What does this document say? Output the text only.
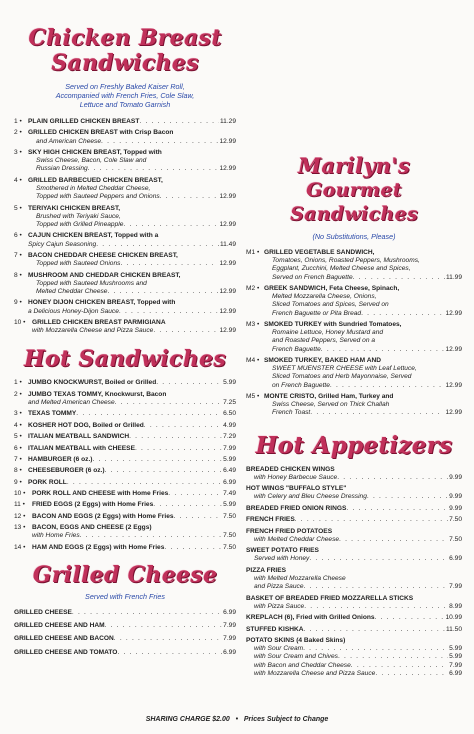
Chicken Breast
Sandwiches
Served on Freshly Baked Kaiser Roll,
Accompanied with French Fries, Cole Slaw,
Lettuce and Tomato Garnish
1 • PLAIN GRILLED CHICKEN BREAST . . .	11.29
2 • GRILLED CHICKEN BREAST with Crisp Bacon
and American Cheese . . .	12.99
3 • SKY HIGH CHICKEN BREAST, Topped with
Swiss Cheese, Bacon, Cole Slaw and
Russian Dressing . . .	12.99
4 • GRILLED BARBECUED CHICKEN BREAST,
Smothered in Melted Cheddar Cheese,
Topped with Sauteed Peppers and Onions . . .	12.99
5 • TERIYAKI CHICKEN BREAST,
Brushed with Teriyaki Sauce,
Topped with Grilled Pineapple . . .	12.99
6 • CAJUN CHICKEN BREAST, Topped with a
Spicy Cajun Seasoning . . .	11.49
7 • BACON CHEDDAR CHEESE CHICKEN BREAST,
Topped with Sauteed Onions . . .	12.99
8 • MUSHROOM AND CHEDDAR CHICKEN BREAST,
Topped with Sauteed Mushrooms and
Melted Cheddar Cheese . . .	12.99
9 • HONEY DIJON CHICKEN BREAST, Topped with
a Delicious Honey-Dijon Sauce . . .	12.99
10 • GRILLED CHICKEN BREAST PARMIGIANA
with Mozzarella Cheese and Pizza Sauce . . .	12.99
Hot Sandwiches
1 • JUMBO KNOCKWURST, Boiled or Grilled . . .	5.99
2 • JUMBO TEXAS TOMMY, Knockwurst, Bacon
and Melted American Cheese . . .	7.25
3 • TEXAS TOMMY . . .	6.50
4 • KOSHER HOT DOG, Boiled or Grilled . . .	4.99
5 • ITALIAN MEATBALL SANDWICH . . .	7.29
6 • ITALIAN MEATBALL with CHEESE . . .	7.99
7 • HAMBURGER (6 oz.) . . .	5.99
8 • CHEESEBURGER (6 oz.) . . .	6.49
9 • PORK ROLL . . .	6.99
10 • PORK ROLL AND CHEESE with Home Fries . . .	7.49
11 • FRIED EGGS (2 Eggs) with Home Fries . . .	5.99
12 • BACON AND EGGS (2 Eggs) with Home Fries . . .	7.50
13 • BACON, EGGS AND CHEESE (2 Eggs)
with Home Fries . . .	7.50
14 • HAM AND EGGS (2 Eggs) with Home Fries . . .	7.50
Grilled Cheese
Served with French Fries
GRILLED CHEESE . . .	6.99
GRILLED CHEESE AND HAM . . .	7.99
GRILLED CHEESE AND BACON . . .	7.99
GRILLED CHEESE AND TOMATO . . .	6.99
Marilyn's
Gourmet Sandwiches
(No Substitutions, Please)
M1 • GRILLED VEGETABLE SANDWICH,
Tomatoes, Onions, Roasted Peppers, Mushrooms,
Eggplant, Zucchini, Melted Cheese and Spices,
Served on French Baguette . . .	11.99
M2 • GREEK SANDWICH, Feta Cheese, Spinach,
Melted Mozzarella Cheese, Onions,
Sliced Tomatoes and Spices, Served on
French Baguette or Pita Bread . . .	12.99
M3 • SMOKED TURKEY with Sundried Tomatoes,
Romaine Lettuce, Honey Mustard and
and Roasted Peppers, Served on a
French Baguette . . .	12.99
M4 • SMOKED TURKEY, BAKED HAM AND
SWEET MUENSTER CHEESE with Leaf Lettuce,
Sliced Tomatoes and Herb Mayonnaise, Served
on French Baguette . . .	12.99
M5 • MONTE CRISTO, Grilled Ham, Turkey and
Swiss Cheese, Served on Thick Challah
French Toast . . .	12.99
Hot Appetizers
BREADED CHICKEN WINGS
with Honey Barbecue Sauce . . .	9.99
HOT WINGS "BUFFALO STYLE"
with Celery and Bleu Cheese Dressing . . .	9.99
BREADED FRIED ONION RINGS . . .	9.99
FRENCH FRIES . . .	7.50
FRENCH FRIED POTATOES
with Melted Cheddar Cheese . . .	7.50
SWEET POTATO FRIES
Served with Honey . . .	6.99
PIZZA FRIES
with Melted Mozzarella Cheese
and Pizza Sauce . . .	7.99
BASKET OF BREADED FRIED MOZZARELLA STICKS
with Pizza Sauce . . .	8.99
KREPLACH (6), Fried with Grilled Onions . . .	10.99
STUFFED KISHKA . . .	11.50
POTATO SKINS (4 Baked Skins)
with Sour Cream . . .	5.99
with Sour Cream and Chives . . .	5.99
with Bacon and Cheddar Cheese . . .	7.99
with Mozzarella Cheese and Pizza Sauce . . .	6.99
SHARING CHARGE $2.00 • Prices Subject to Change
